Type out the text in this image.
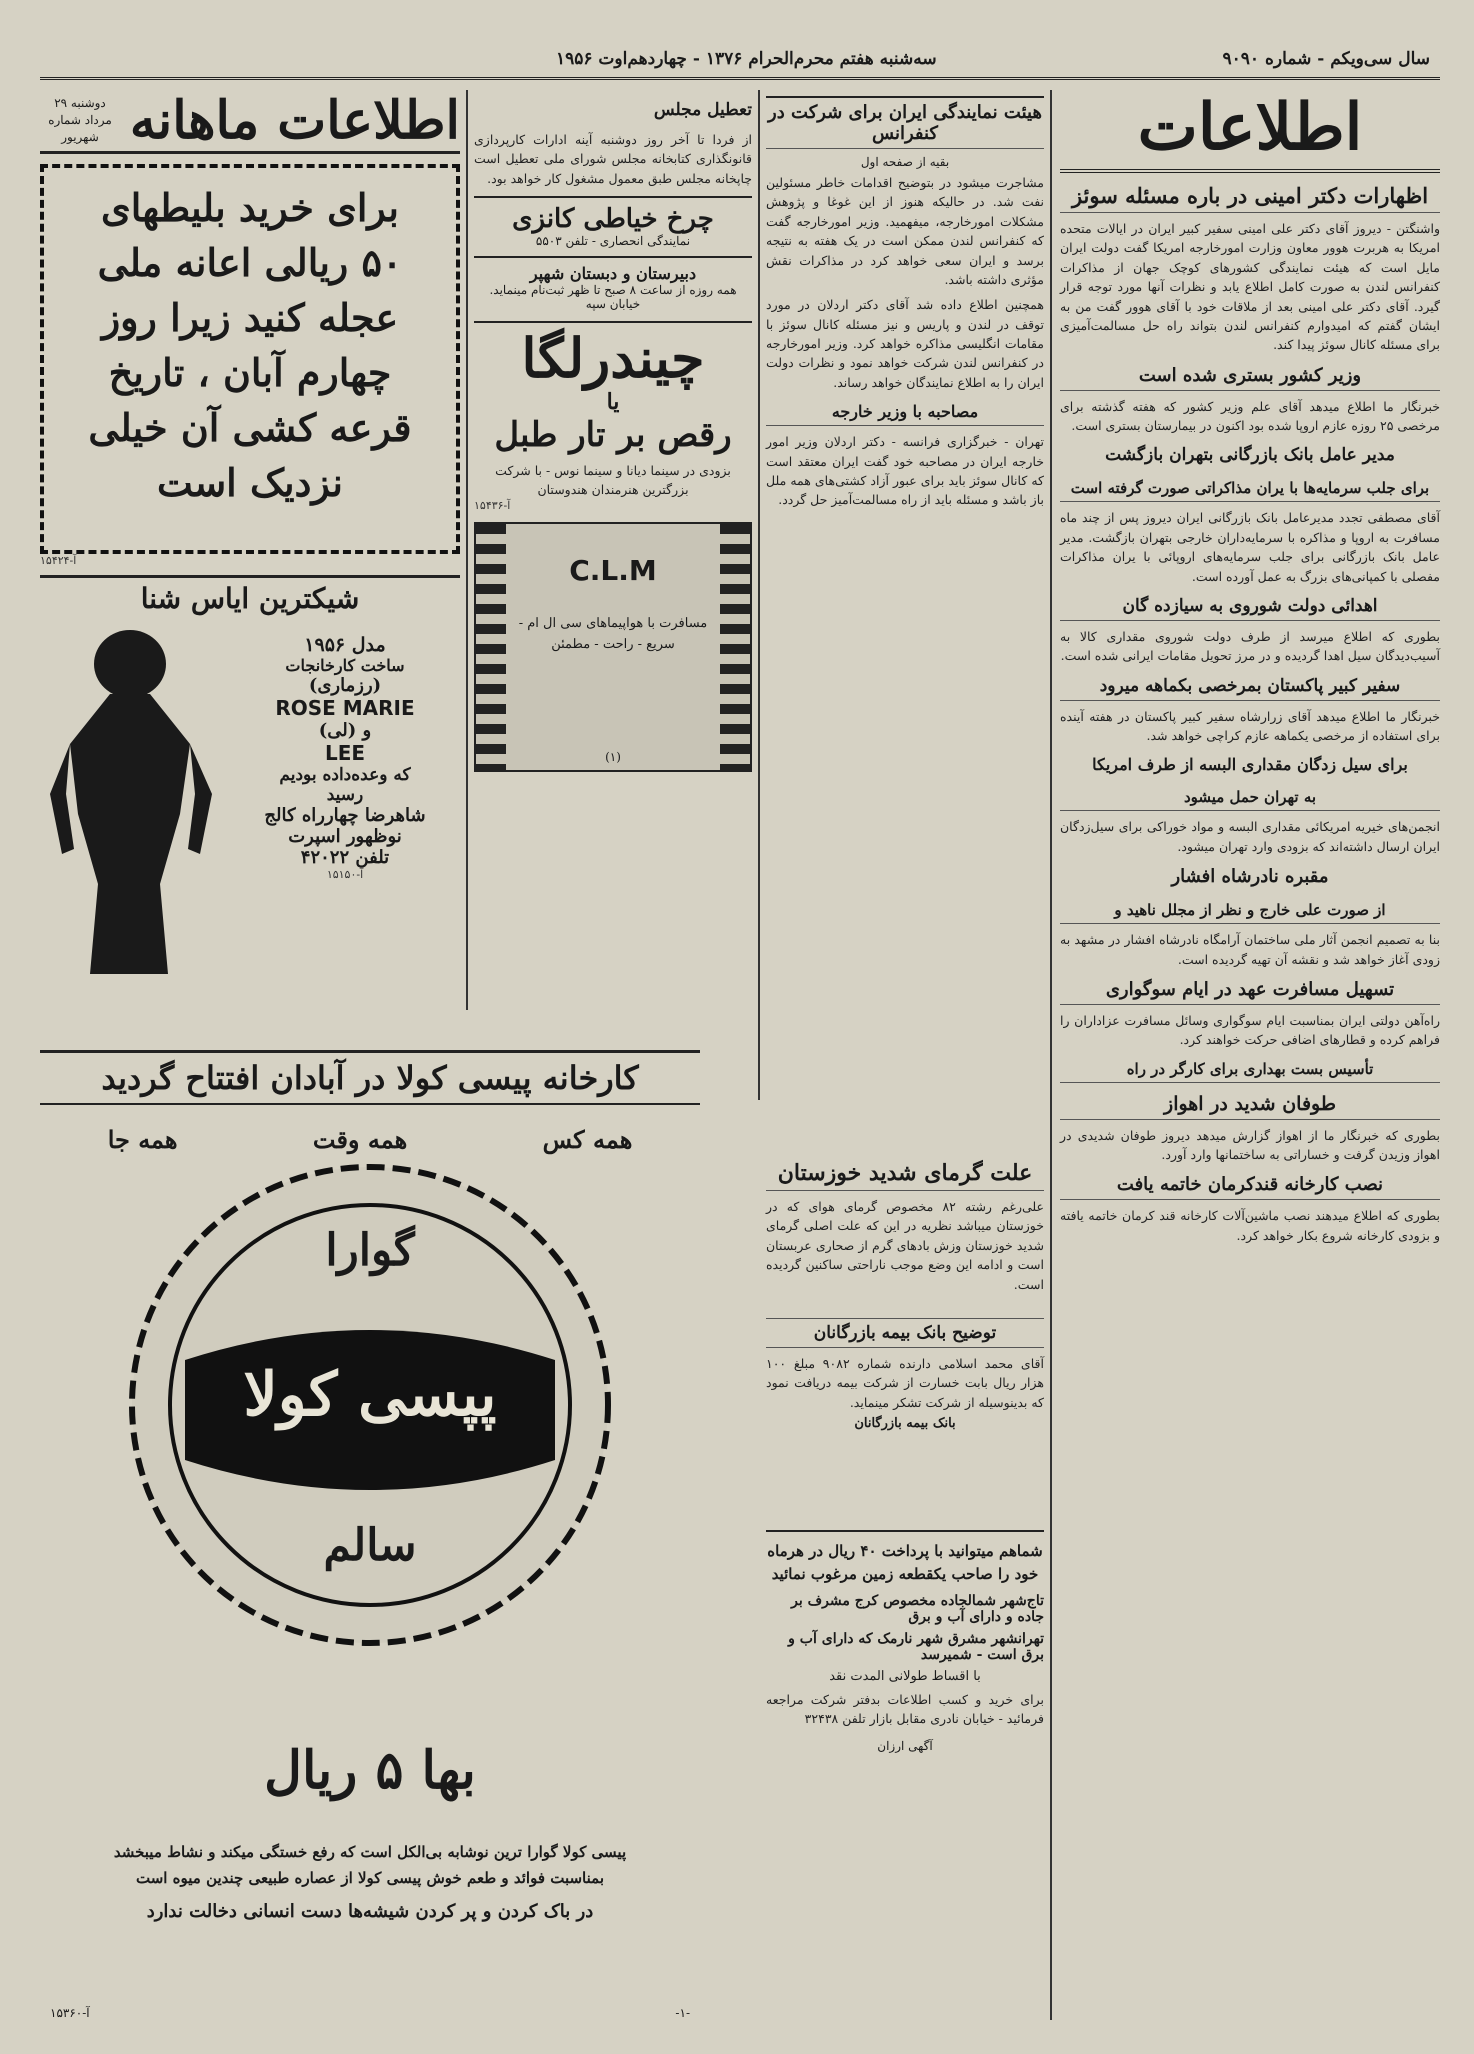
سال سی‌ویکم - شماره ۹۰۹۰
سه‌شنبه هفتم محرم‌الحرام ۱۳۷۶ - چهاردهم‌اوت ۱۹۵۶
اطلاعات
اظهارات دکتر امینی در باره مسئله سوئز
واشنگتن - دیروز آقای دکتر علی امینی سفیر کبیر ایران در ایالات متحده امریکا به هربرت هوور معاون وزارت امورخارجه امریکا گفت دولت ایران مایل است که هیئت نمایندگی کشورهای کوچک جهان از مذاکرات کنفرانس لندن به صورت کامل اطلاع یابد و نظرات آنها مورد توجه قرار گیرد. آقای دکتر علی امینی بعد از ملاقات خود با آقای هوور گفت من به ایشان گفتم که امیدوارم کنفرانس لندن بتواند راه حل مسالمت‌آمیزی برای مسئله کانال سوئز پیدا کند.
وزیر کشور بستری شده است
خبرنگار ما اطلاع میدهد آقای علم وزیر کشور که هفته گذشته برای مرخصی ۲۵ روزه عازم اروپا شده بود اکنون در بیمارستان بستری است.
مدیر عامل بانک بازرگانی بتهران بازگشت
برای جلب سرمایه‌ها با یران مذاکراتی صورت گرفته است
آقای مصطفی تجدد مدیرعامل بانک بازرگانی ایران دیروز پس از چند ماه مسافرت به اروپا و مذاکره با سرمایه‌داران خارجی بتهران بازگشت. مدیر عامل بانک بازرگانی برای جلب سرمایه‌های اروپائی با یران مذاکرات مفصلی با کمپانی‌های بزرگ به عمل آورده است.
اهدائی دولت شوروی به سیازده گان
بطوری که اطلاع میرسد از طرف دولت شوروی مقداری کالا به آسیب‌دیدگان سیل اهدا گردیده و در مرز تحویل مقامات ایرانی شده است.
سفیر کبیر پاکستان بمرخصی بکماهه میرود
خبرنگار ما اطلاع میدهد آقای زرارشاه سفیر کبیر پاکستان در هفته آینده برای استفاده از مرخصی یکماهه عازم کراچی خواهد شد.
برای سیل زدگان مقداری البسه از طرف امریکا
به تهران حمل میشود
انجمن‌های خیریه امریکائی مقداری البسه و مواد خوراکی برای سیل‌زدگان ایران ارسال داشته‌اند که بزودی وارد تهران میشود.
مقبره نادرشاه افشار
از صورت علی خارج و نظر از مجلل ناهید و
بنا به تصمیم انجمن آثار ملی ساختمان آرامگاه نادرشاه افشار در مشهد به زودی آغاز خواهد شد و نقشه آن تهیه گردیده است.
تسهیل مسافرت عهد در ایام سوگواری
راه‌آهن دولتی ایران بمناسبت ایام سوگواری وسائل مسافرت عزاداران را فراهم کرده و قطارهای اضافی حرکت خواهند کرد.
تأسیس بست بهداری برای کارگر در راه
طوفان شدید در اهواز
بطوری که خبرنگار ما از اهواز گزارش میدهد دیروز طوفان شدیدی در اهواز وزیدن گرفت و خساراتی به ساختمانها وارد آورد.
نصب کارخانه قندکرمان خاتمه یافت
بطوری که اطلاع میدهند نصب ماشین‌آلات کارخانه قند کرمان خاتمه یافته و بزودی کارخانه شروع بکار خواهد کرد.
هیئت نمایندگی ایران برای شرکت در کنفرانس
بقیه از صفحه اول
مشاجرت میشود در بتوضیح اقدامات خاطر مسئولین نفت شد. در حالیکه هنوز از این غوغا و پژوهش مشکلات امورخارجه، میفهمید. وزیر امورخارجه گفت که کنفرانس لندن ممکن است در یک هفته به نتیجه برسد و ایران سعی خواهد کرد در مذاکرات نقش مؤثری داشته باشد.
همچنین اطلاع داده شد آقای دکتر اردلان در مورد توقف در لندن و پاریس و نیز مسئله کانال سوئز با مقامات انگلیسی مذاکره خواهد کرد. وزیر امورخارجه در کنفرانس لندن شرکت خواهد نمود و نظرات دولت ایران را به اطلاع نمایندگان خواهد رساند.
مصاحبه با وزیر خارجه
تهران - خبرگزاری فرانسه - دکتر اردلان وزیر امور خارجه ایران در مصاحبه خود گفت ایران معتقد است که کانال سوئز باید برای عبور آزاد کشتی‌های همه ملل باز باشد و مسئله باید از راه مسالمت‌آمیز حل گردد.
علت گرمای شدید خوزستان
علی‌رغم رشته ۸۲ مخصوص گرمای هوای که در خوزستان میباشد نظریه در این که علت اصلی گرمای شدید خوزستان وزش بادهای گرم از صحاری عربستان است و ادامه این وضع موجب ناراحتی ساکنین گردیده است.
توضیح بانک بیمه بازرگانان
آقای محمد اسلامی دارنده شماره ۹۰۸۲ مبلغ ۱۰۰ هزار ریال بابت خسارت از شرکت بیمه دریافت نمود که بدینوسیله از شرکت تشکر مینماید.
بانک بیمه بازرگانان
شماهم میتوانید با پرداخت ۴۰ ریال در هرماه خود را صاحب یکقطعه زمین مرغوب نمائید
تاج‌شهر شمالجاده مخصوص کرج مشرف بر جاده و دارای آب و برق
تهرانشهر مشرق شهر نارمک که دارای آب و برق است - شمیرسد
با اقساط طولانی المدت نقد
برای خرید و کسب اطلاعات بدفتر شرکت مراجعه فرمائید - خیابان نادری مقابل بازار تلفن ۳۲۴۳۸
آگهی ارزان
تعطیل مجلس
از فردا تا آخر روز دوشنبه آینه ادارات کارپردازی قانونگذاری کتابخانه مجلس شورای ملی تعطیل است چاپخانه مجلس طبق معمول مشغول کار خواهد بود.
چرخ خیاطی کانزی
نمایندگی انحصاری - تلفن ۵۵۰۳
دبیرستان و دبستان شهپر
همه روزه از ساعت ۸ صبح تا ظهر ثبت‌نام مینماید. خیابان سپه
چیندرلگا
یا
رقص بر تار طبل
بزودی در سینما دیانا و سینما نوس - با شرکت بزرگترین هنرمندان هندوستان
آ-۱۵۴۳۶
C.L.M
مسافرت با هواپیماهای سی ال ام - سریع - راحت - مطمئن
(۱)
اطلاعات ماهانه
دوشنبه ۲۹ مرداد شماره شهریور
برای خرید بلیطهای
۵۰ ریالی اعانه ملی
عجله کنید زیرا روز
چهارم آبان ، تاریخ
قرعه کشی آن خیلی
نزدیک است
آ-۱۵۴۲۴
شیکترین ایاس شنا
مدل ۱۹۵۶
ساخت کارخانجات
(رزماری)
ROSE MARIE
و (لی)
LEE
که وعده‌داده بودیم
رسید
شاهرضا چهارراه کالج
نوظهور اسپرت
تلفن ۴۲۰۲۲
آ-۱۵۱۵۰
کارخانه پیسی کولا در آبادان افتتاح گردید
همه کس
همه وقت
همه جا
گوارا
پپسی کولا
سالم
بها ۵ ریال
پیسی کولا گوارا ترین نوشابه بی‌الکل است که رفع خستگی میکند و نشاط میبخشد
بمناسبت فوائد و طعم خوش پیسی کولا از عصاره طبیعی چندین میوه است
در باک کردن و پر کردن شیشه‌ها دست انسانی دخالت ندارد
-۱-
آ-۱۵۳۶۰
